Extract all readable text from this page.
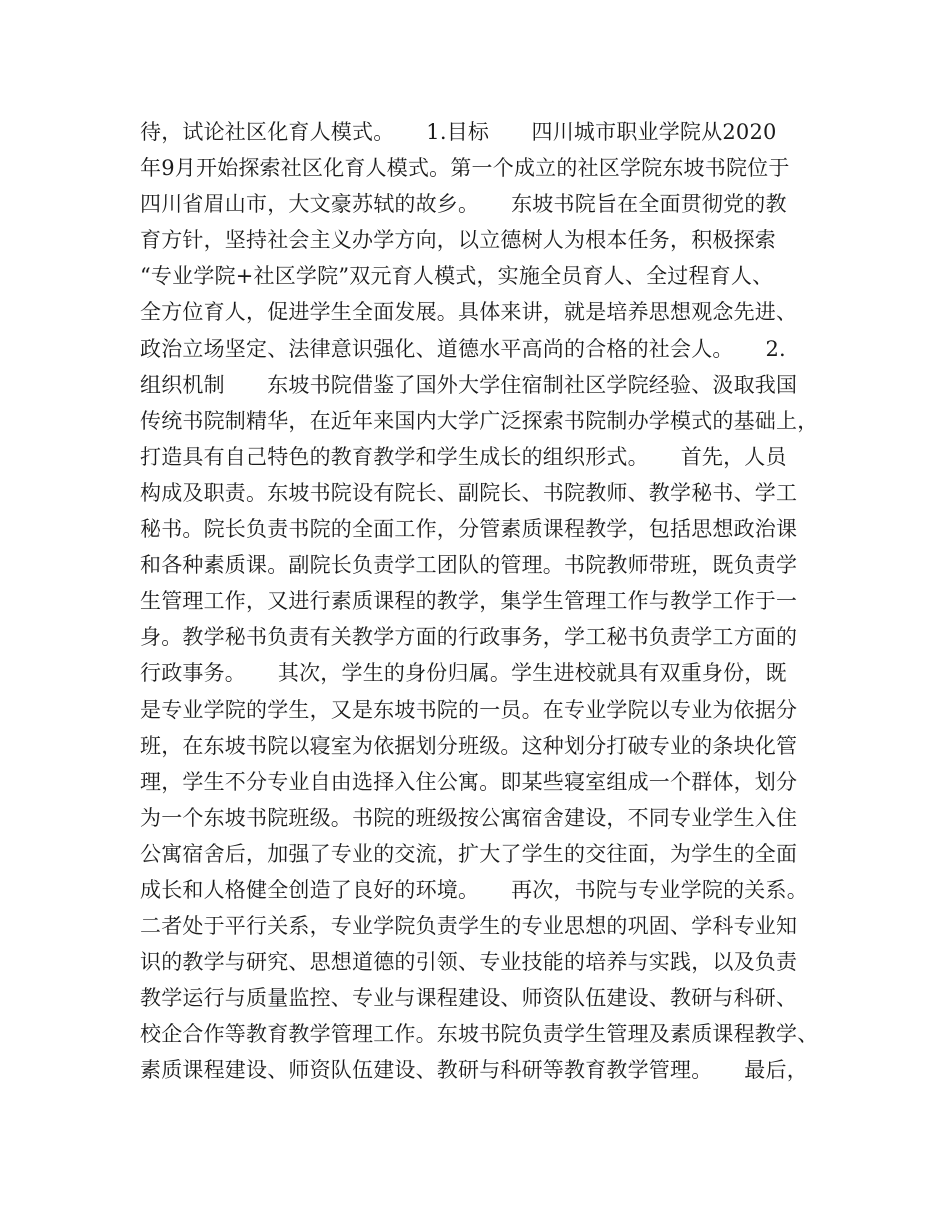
待，试论社区化育人模式。　　1.目标　　四川城市职业学院从2020
年9月开始探索社区化育人模式。第一个成立的社区学院东坡书院位于
四川省眉山市，大文豪苏轼的故乡。　　东坡书院旨在全面贯彻党的教
育方针，坚持社会主义办学方向，以立德树人为根本任务，积极探索
“专业学院+社区学院”双元育人模式，实施全员育人、全过程育人、
全方位育人，促进学生全面发展。具体来讲，就是培养思想观念先进、
政治立场坚定、法律意识强化、道德水平高尚的合格的社会人。　　2.
组织机制　　东坡书院借鉴了国外大学住宿制社区学院经验、汲取我国
传统书院制精华，在近年来国内大学广泛探索书院制办学模式的基础上，
打造具有自己特色的教育教学和学生成长的组织形式。　　首先，人员
构成及职责。东坡书院设有院长、副院长、书院教师、教学秘书、学工
秘书。院长负责书院的全面工作，分管素质课程教学，包括思想政治课
和各种素质课。副院长负责学工团队的管理。书院教师带班，既负责学
生管理工作，又进行素质课程的教学，集学生管理工作与教学工作于一
身。教学秘书负责有关教学方面的行政事务，学工秘书负责学工方面的
行政事务。　　其次，学生的身份归属。学生进校就具有双重身份，既
是专业学院的学生，又是东坡书院的一员。在专业学院以专业为依据分
班，在东坡书院以寝室为依据划分班级。这种划分打破专业的条块化管
理，学生不分专业自由选择入住公寓。即某些寝室组成一个群体，划分
为一个东坡书院班级。书院的班级按公寓宿舍建设，不同专业学生入住
公寓宿舍后，加强了专业的交流，扩大了学生的交往面，为学生的全面
成长和人格健全创造了良好的环境。　　再次，书院与专业学院的关系。
二者处于平行关系，专业学院负责学生的专业思想的巩固、学科专业知
识的教学与研究、思想道德的引领、专业技能的培养与实践，以及负责
教学运行与质量监控、专业与课程建设、师资队伍建设、教研与科研、
校企合作等教育教学管理工作。东坡书院负责学生管理及素质课程教学、
素质课程建设、师资队伍建设、教研与科研等教育教学管理。　　最后，
